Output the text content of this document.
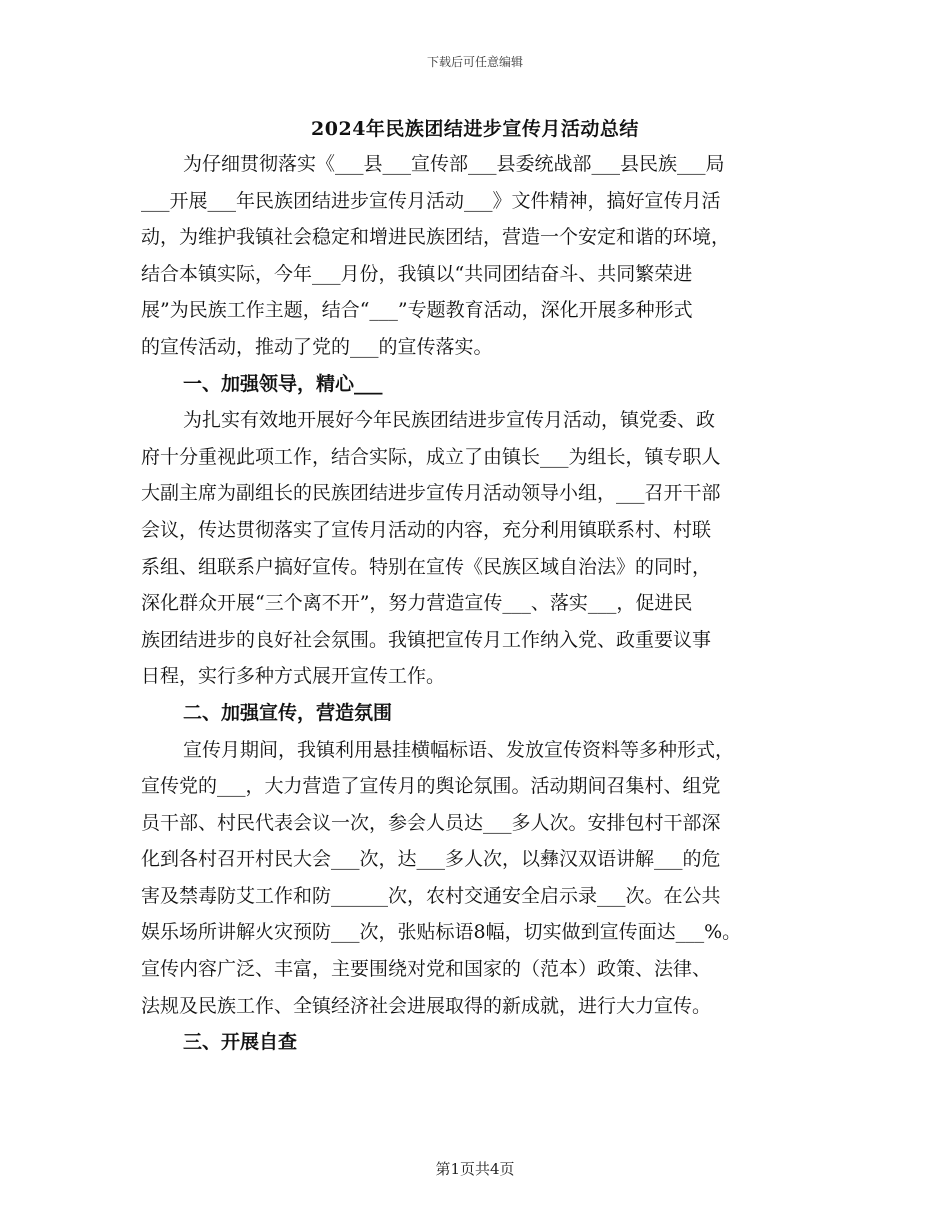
下载后可任意编辑
2024年民族团结进步宣传月活动总结
为仔细贯彻落实《___县___宣传部___县委统战部___县民族___局
___开展___年民族团结进步宣传月活动___》文件精神，搞好宣传月活
动，为维护我镇社会稳定和增进民族团结，营造一个安定和谐的环境，
结合本镇实际，今年___月份，我镇以“共同团结奋斗、共同繁荣进
展”为民族工作主题，结合“___”专题教育活动，深化开展多种形式
的宣传活动，推动了党的___的宣传落实。
一、加强领导，精心___
为扎实有效地开展好今年民族团结进步宣传月活动，镇党委、政
府十分重视此项工作，结合实际，成立了由镇长___为组长，镇专职人
大副主席为副组长的民族团结进步宣传月活动领导小组，___召开干部
会议，传达贯彻落实了宣传月活动的内容，充分利用镇联系村、村联
系组、组联系户搞好宣传。特别在宣传《民族区域自治法》的同时，
深化群众开展“三个离不开”，努力营造宣传___、落实___，促进民
族团结进步的良好社会氛围。我镇把宣传月工作纳入党、政重要议事
日程，实行多种方式展开宣传工作。
二、加强宣传，营造氛围
宣传月期间，我镇利用悬挂横幅标语、发放宣传资料等多种形式，
宣传党的___，大力营造了宣传月的舆论氛围。活动期间召集村、组党
员干部、村民代表会议一次，参会人员达___多人次。安排包村干部深
化到各村召开村民大会___次，达___多人次，以彝汉双语讲解___的危
害及禁毒防艾工作和防______次，农村交通安全启示录___次。在公共
娱乐场所讲解火灾预防___次，张贴标语8幅，切实做到宣传面达___%。
宣传内容广泛、丰富，主要围绕对党和国家的（范本）政策、法律、
法规及民族工作、全镇经济社会进展取得的新成就，进行大力宣传。
三、开展自查
第1页共4页
